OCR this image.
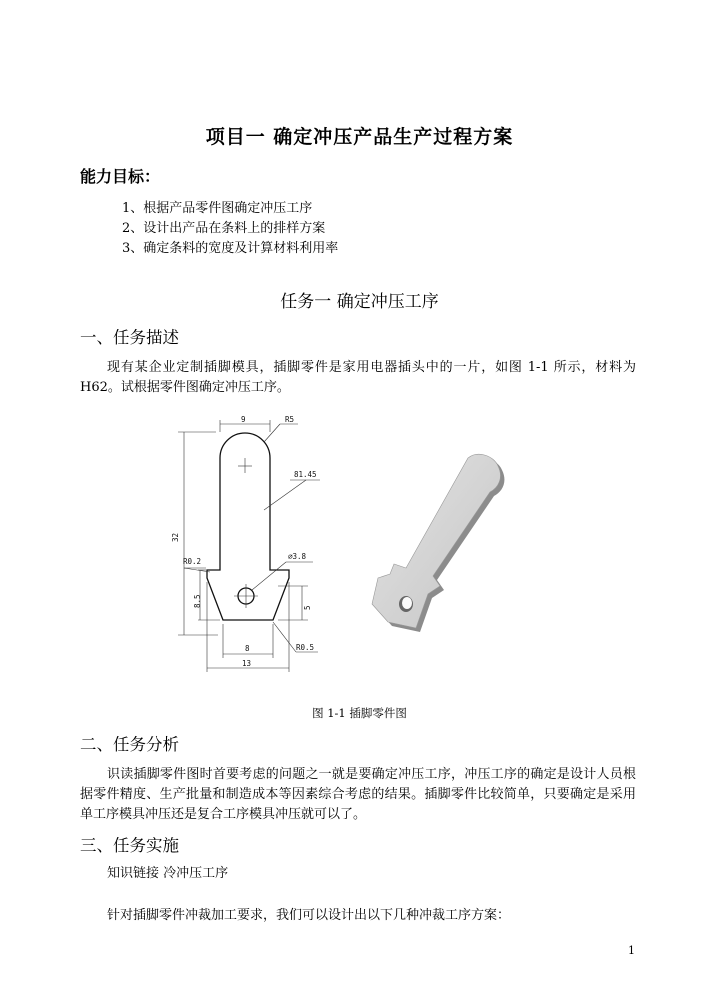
项目一 确定冲压产品生产过程方案
能力目标：
1、根据产品零件图确定冲压工序
2、设计出产品在条料上的排样方案
3、确定条料的宽度及计算材料利用率
任务一 确定冲压工序
一、任务描述
现有某企业定制插脚模具，插脚零件是家用电器插头中的一片，如图 1-1 所示，材料为 H62。试根据零件图确定冲压工序。
9	R5
81.45
32
R0.2
8.5
∅3.8
5
8
13
R0.5
图 1-1 插脚零件图
二、任务分析
识读插脚零件图时首要考虑的问题之一就是要确定冲压工序，冲压工序的确定是设计人员根据零件精度、生产批量和制造成本等因素综合考虑的结果。插脚零件比较简单，只要确定是采用单工序模具冲压还是复合工序模具冲压就可以了。
三、任务实施
知识链接 冷冲压工序
针对插脚零件冲裁加工要求，我们可以设计出以下几种冲裁工序方案：
1
